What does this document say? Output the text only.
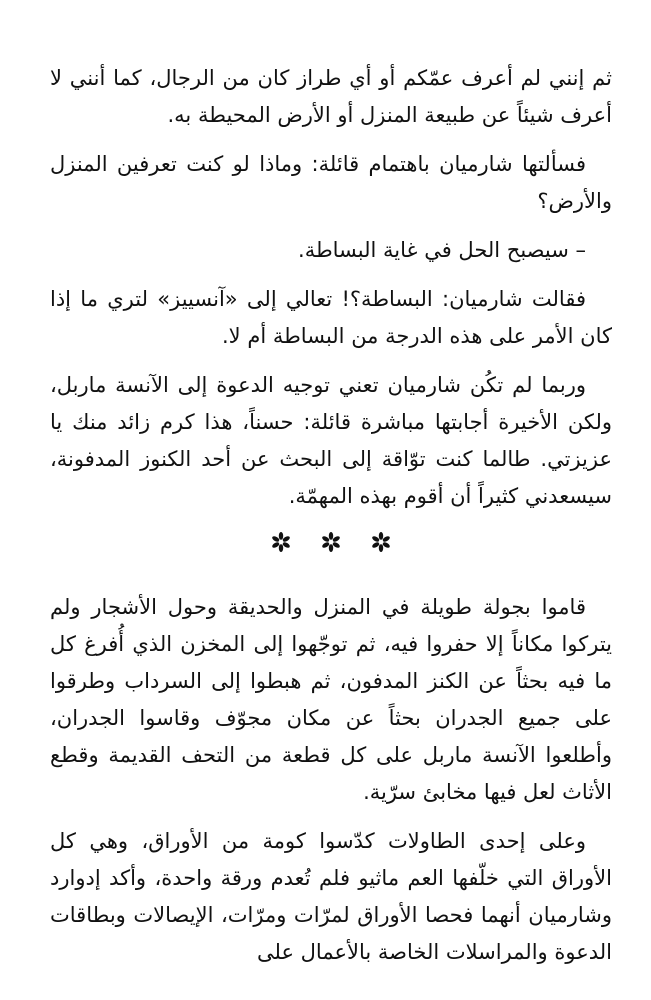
ثم إنني لم أعرف عمّكم أو أي طراز كان من الرجال، كما أنني لا أعرف شيئاً عن طبيعة المنزل أو الأرض المحيطة به.

فسألتها شارميان باهتمام قائلة: وماذا لو كنت تعرفين المنزل والأرض؟

– سيصبح الحل في غاية البساطة.

فقالت شارميان: البساطة؟! تعالي إلى «آنسييز» لتري ما إذا كان الأمر على هذه الدرجة من البساطة أم لا.

وربما لم تكُن شارميان تعني توجيه الدعوة إلى الآنسة ماربل، ولكن الأخيرة أجابتها مباشرة قائلة: حسناً، هذا كرم زائد منك يا عزيزتي. طالما كنت توّاقة إلى البحث عن أحد الكنوز المدفونة، سيسعدني كثيراً أن أقوم بهذه المهمّة.

قاموا بجولة طويلة في المنزل والحديقة وحول الأشجار ولم يتركوا مكاناً إلا حفروا فيه، ثم توجّهوا إلى المخزن الذي أُفرغ كل ما فيه بحثاً عن الكنز المدفون، ثم هبطوا إلى السرداب وطرقوا على جميع الجدران بحثاً عن مكان مجوّف وقاسوا الجدران، وأطلعوا الآنسة ماربل على كل قطعة من التحف القديمة وقطع الأثاث لعل فيها مخابئ سرّية.

وعلى إحدى الطاولات كدّسوا كومة من الأوراق، وهي كل الأوراق التي خلّفها العم ماثيو فلم تُعدم ورقة واحدة، وأكد إدوارد وشارميان أنهما فحصا الأوراق لمرّات ومرّات، الإيصالات وبطاقات الدعوة والمراسلات الخاصة بالأعمال على
